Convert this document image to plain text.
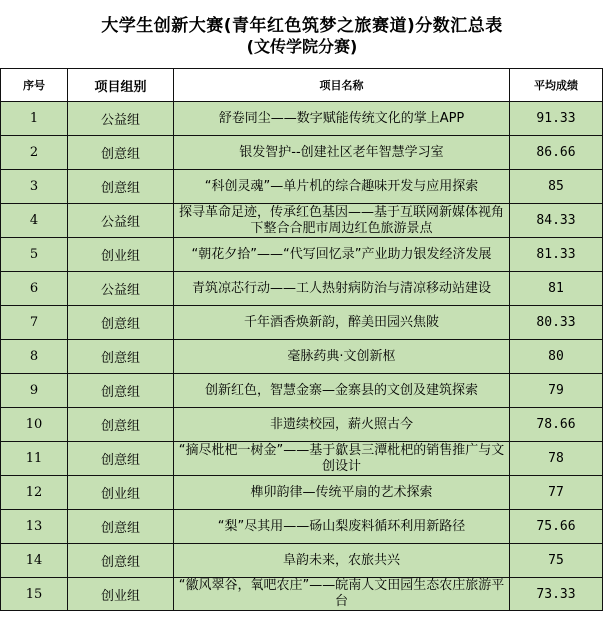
大学生创新大赛(青年红色筑梦之旅赛道)分数汇总表
(文传学院分赛)
序号	项目组别	项目名称	平均成绩
1	公益组	舒卷同尘——数字赋能传统文化的掌上APP	91.33
2	创意组	银发智护--创建社区老年智慧学习室	86.66
3	创意组	“科创灵魂”—单片机的综合趣味开发与应用探索	85
4	公益组	探寻革命足迹，传承红色基因——基于互联网新媒体视角下整合合肥市周边红色旅游景点	84.33
5	创业组	“朝花夕拾”——“代写回忆录”产业助力银发经济发展	81.33
6	公益组	青筑凉芯行动——工人热射病防治与清凉移动站建设	81
7	创意组	千年酒香焕新韵，醉美田园兴焦陂	80.33
8	创意组	毫脉药典·文创新枢	80
9	创意组	创新红色，智慧金寨—金寨县的文创及建筑探索	79
10	创意组	非遗续校园，薪火照古今	78.66
11	创意组	“摘尽枇杷一树金”——基于歙县三潭枇杷的销售推广与文创设计	78
12	创业组	榫卯韵律—传统平扇的艺术探索	77
13	创意组	“梨”尽其用——砀山梨废料循环利用新路径	75.66
14	创意组	阜韵未来，农旅共兴	75
15	创业组	“徽风翠谷，氧吧农庄”——皖南人文田园生态农庄旅游平台	73.33
